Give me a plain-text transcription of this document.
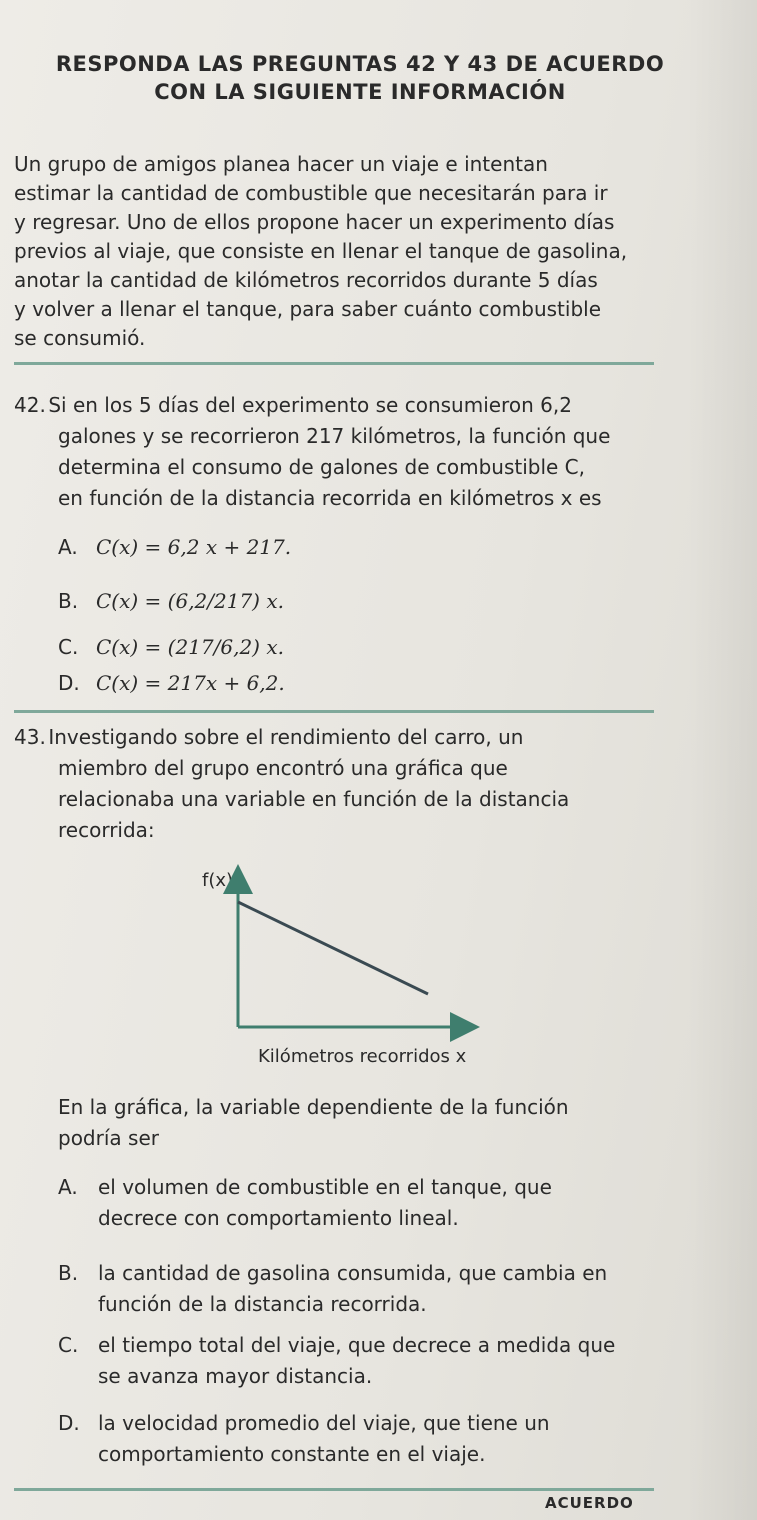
RESPONDA LAS PREGUNTAS 42 Y 43 DE ACUERDO
CON LA SIGUIENTE INFORMACIÓN

Un grupo de amigos planea hacer un viaje e intentan

estimar la cantidad de combustible que necesitarán para ir

y regresar. Uno de ellos propone hacer un experimento días

previos al viaje, que consiste en llenar el tanque de gasolina,

anotar la cantidad de kilómetros recorridos durante 5 días

y volver a llenar el tanque, para saber cuánto combustible

se consumió.

42. Si en los 5 días del experimento se consumieron 6,2
galones y se recorrieron 217 kilómetros, la función que
determina el consumo de galones de combustible C,
en función de la distancia recorrida en kilómetros x es
A. C(x) = 6,2 x + 217.
B. C(x) = (6,2/217) x.
C. C(x) = (217/6,2) x.
D. C(x) = 217x + 6,2.
43. Investigando sobre el rendimiento del carro, un
miembro del grupo encontró una gráfica que
relacionaba una variable en función de la distancia
recorrida:
f(x)
Kilómetros recorridos x
En la gráfica, la variable dependiente de la función
podría ser
A. el volumen de combustible en el tanque, que
decrece con comportamiento lineal.
B. la cantidad de gasolina consumida, que cambia en
función de la distancia recorrida.
C. el tiempo total del viaje, que decrece a medida que
se avanza mayor distancia.
D. la velocidad promedio del viaje, que tiene un
comportamiento constante en el viaje.
ACUERDO
